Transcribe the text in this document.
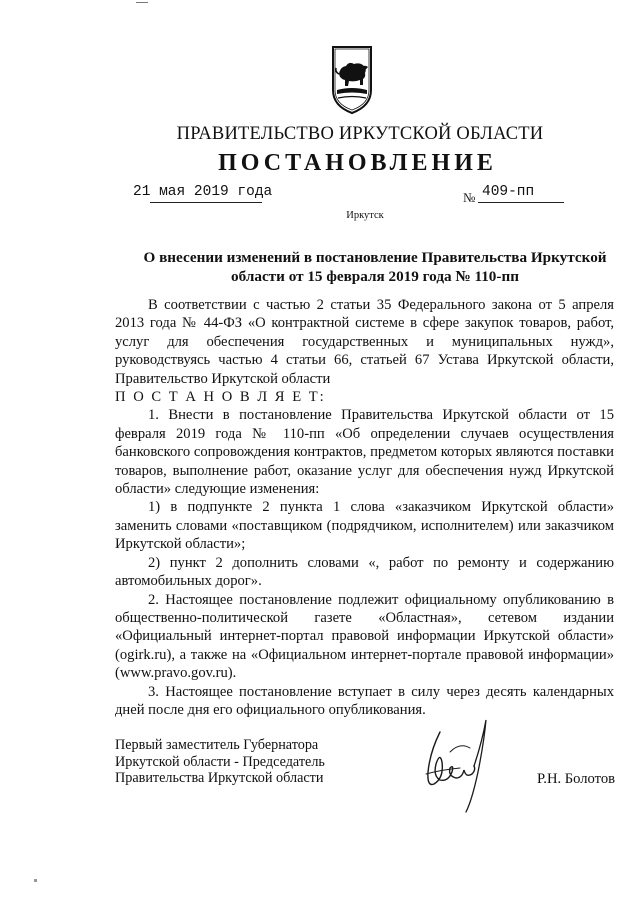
ПРАВИТЕЛЬСТВО ИРКУТСКОЙ ОБЛАСТИ
ПОСТАНОВЛЕНИЕ
21 мая 2019 года	№ 409-пп
Иркутск
О внесении изменений в постановление Правительства Иркутской
области от 15 февраля 2019 года № 110-пп

В соответствии с частью 2 статьи 35 Федерального закона от 5 апреля 2013 года № 44-ФЗ «О контрактной системе в сфере закупок товаров, работ, услуг для обеспечения государственных и муниципальных нужд», руководствуясь частью 4 статьи 66, статьей 67 Устава Иркутской области, Правительство Иркутской области

П О С Т А Н О В Л Я Е Т:

1. Внести в постановление Правительства Иркутской области от 15 февраля 2019 года № 110-пп «Об определении случаев осуществления банковского сопровождения контрактов, предметом которых являются поставки товаров, выполнение работ, оказание услуг для обеспечения нужд Иркутской области» следующие изменения:

1) в подпункте 2 пункта 1 слова «заказчиком Иркутской области» заменить словами «поставщиком (подрядчиком, исполнителем) или заказчиком Иркутской области»;

2) пункт 2 дополнить словами «, работ по ремонту и содержанию автомобильных дорог».

2. Настоящее постановление подлежит официальному опубликованию в общественно-политической газете «Областная», сетевом издании «Официальный интернет-портал правовой информации Иркутской области» (ogirk.ru), а также на «Официальном интернет-портале правовой информации» (www.pravo.gov.ru).

3. Настоящее постановление вступает в силу через десять календарных дней после дня его официального опубликования.

Первый заместитель Губернатора
Иркутской области - Председатель
Правительства Иркутской области	Р.Н. Болотов
